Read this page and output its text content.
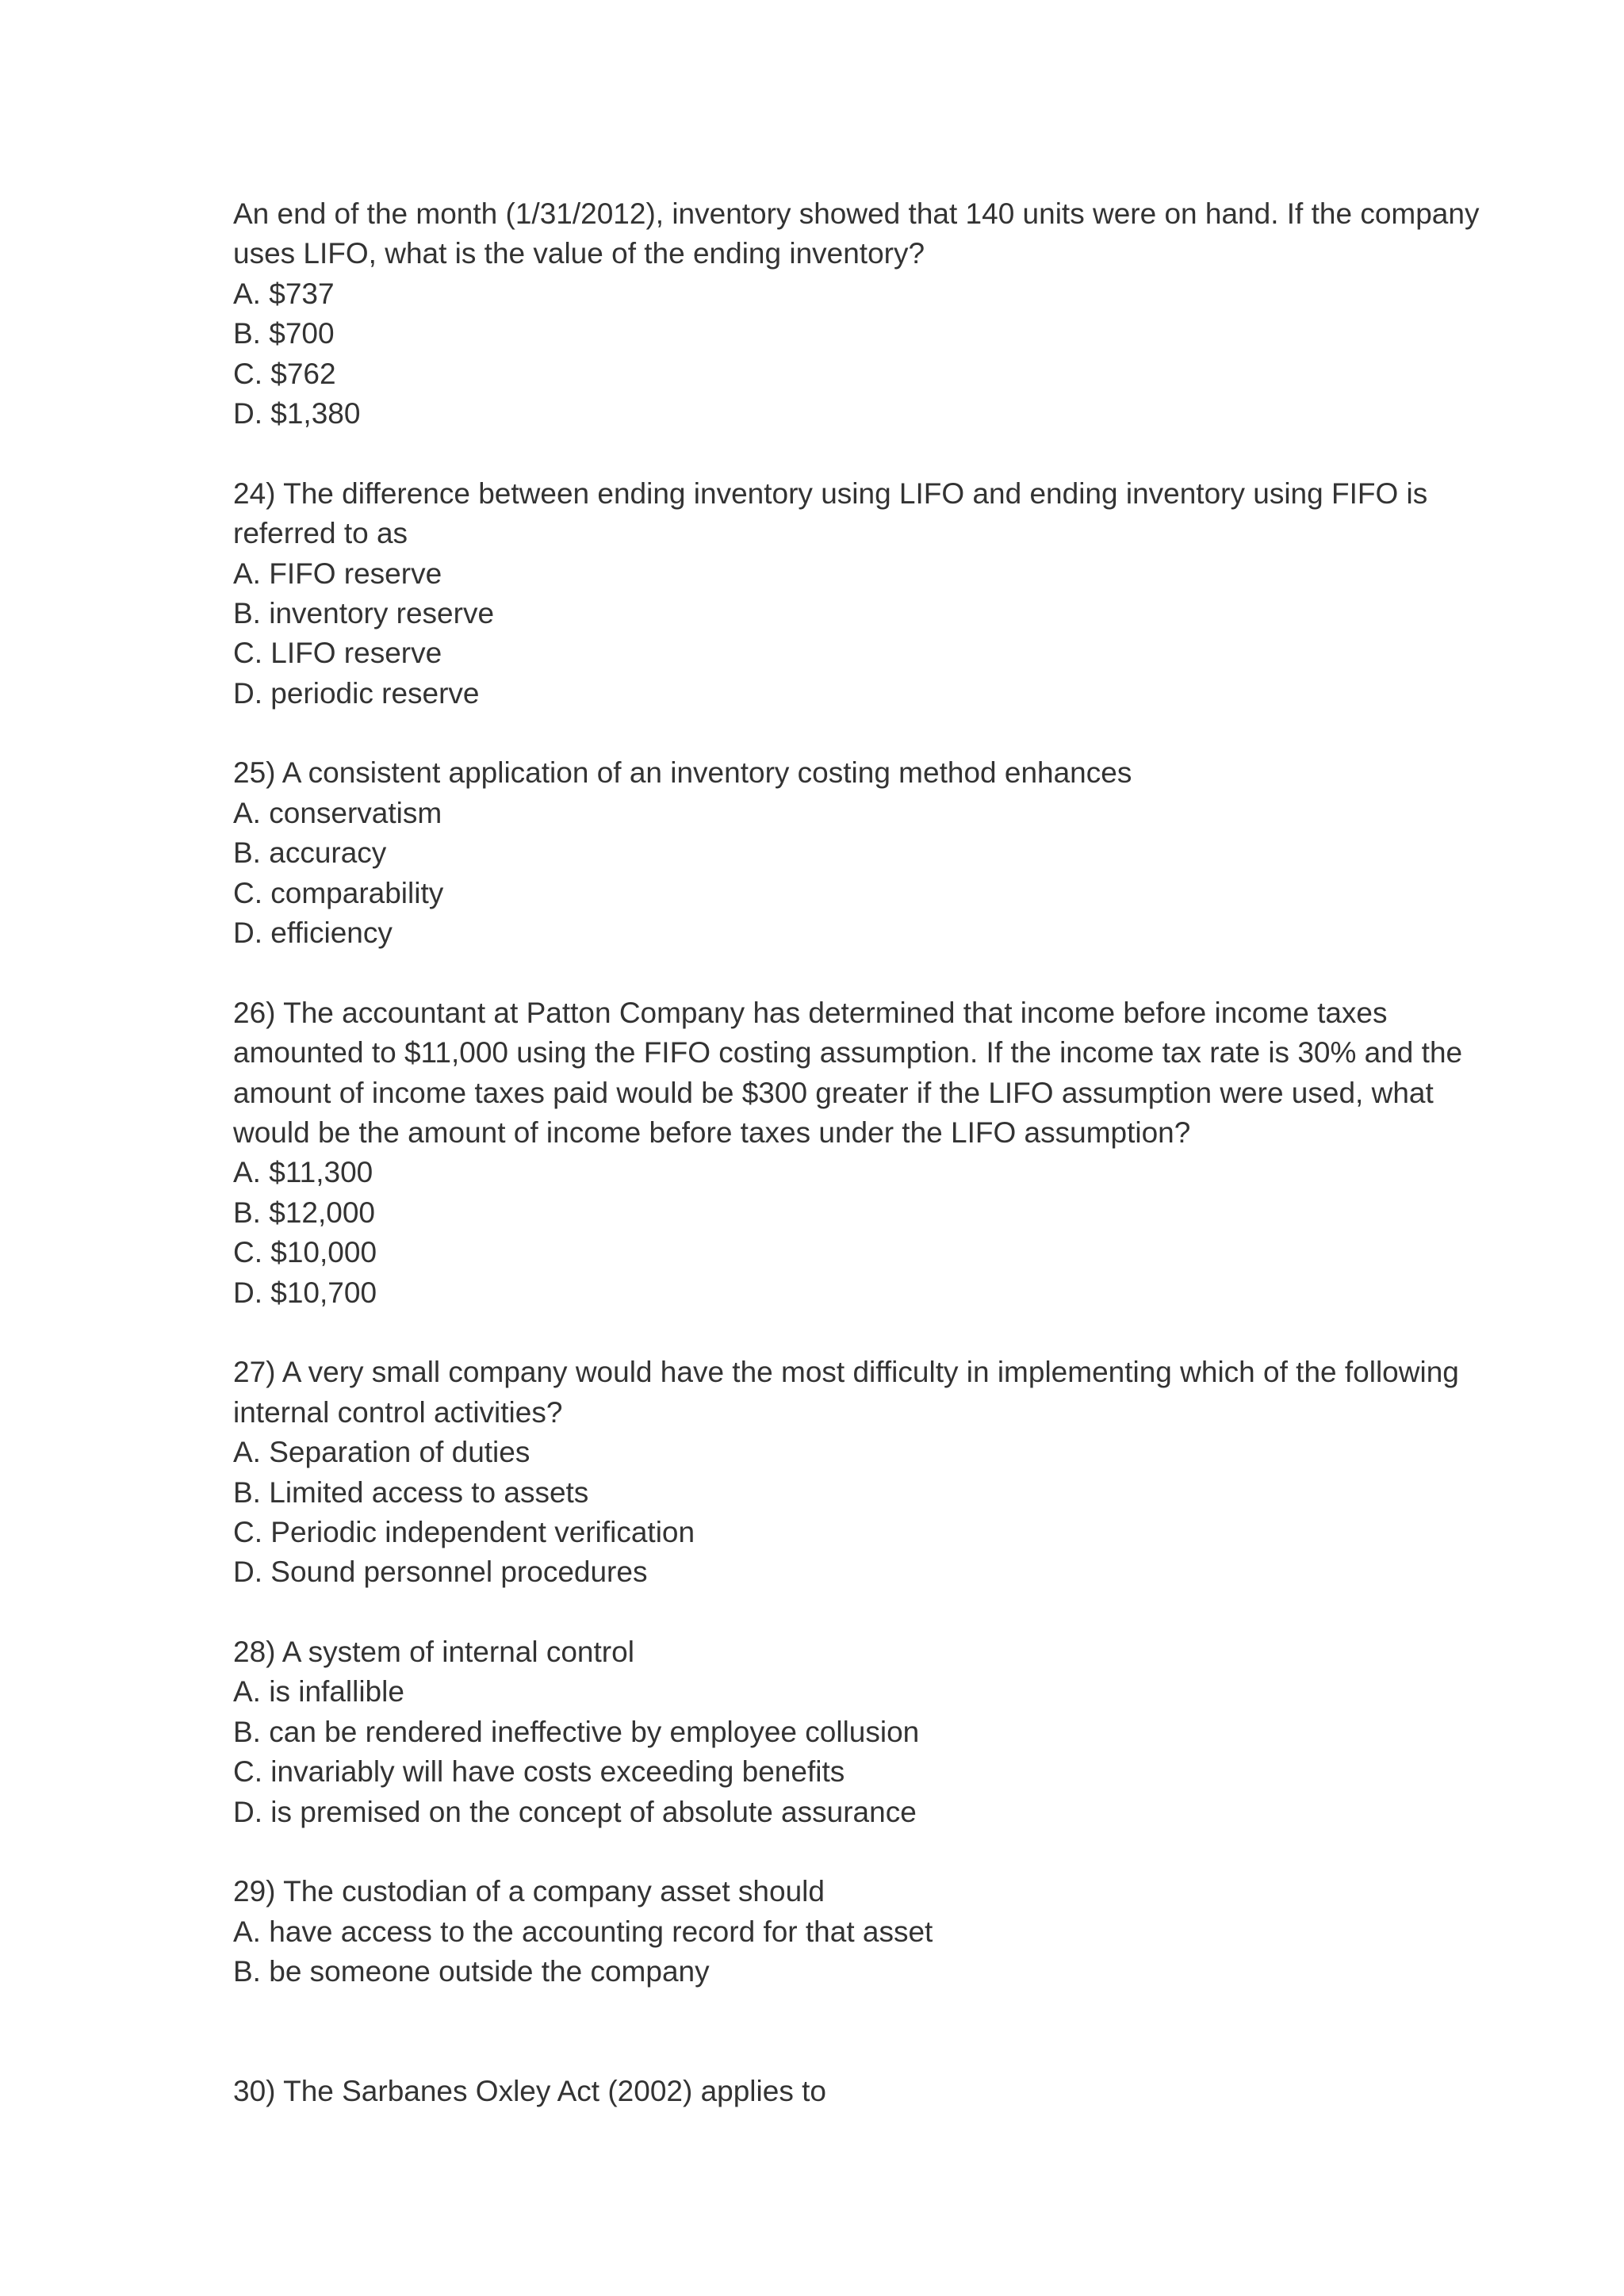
An end of the month (1/31/2012), inventory showed that 140 units were on hand. If the company
uses LIFO, what is the value of the ending inventory?
A. $737
B. $700
C. $762
D. $1,380
24) The difference between ending inventory using LIFO and ending inventory using FIFO is
referred to as
A. FIFO reserve
B. inventory reserve
C. LIFO reserve
D. periodic reserve
25) A consistent application of an inventory costing method enhances
A. conservatism
B. accuracy
C. comparability
D. efficiency
26) The accountant at Patton Company has determined that income before income taxes
amounted to $11,000 using the FIFO costing assumption. If the income tax rate is 30% and the
amount of income taxes paid would be $300 greater if the LIFO assumption were used, what
would be the amount of income before taxes under the LIFO assumption?
A. $11,300
B. $12,000
C. $10,000
D. $10,700
27) A very small company would have the most difficulty in implementing which of the following
internal control activities?
A. Separation of duties
B. Limited access to assets
C. Periodic independent verification
D. Sound personnel procedures
28) A system of internal control
A. is infallible
B. can be rendered ineffective by employee collusion
C. invariably will have costs exceeding benefits
D. is premised on the concept of absolute assurance
29) The custodian of a company asset should
A. have access to the accounting record for that asset
B. be someone outside the company
30) The Sarbanes Oxley Act (2002) applies to
